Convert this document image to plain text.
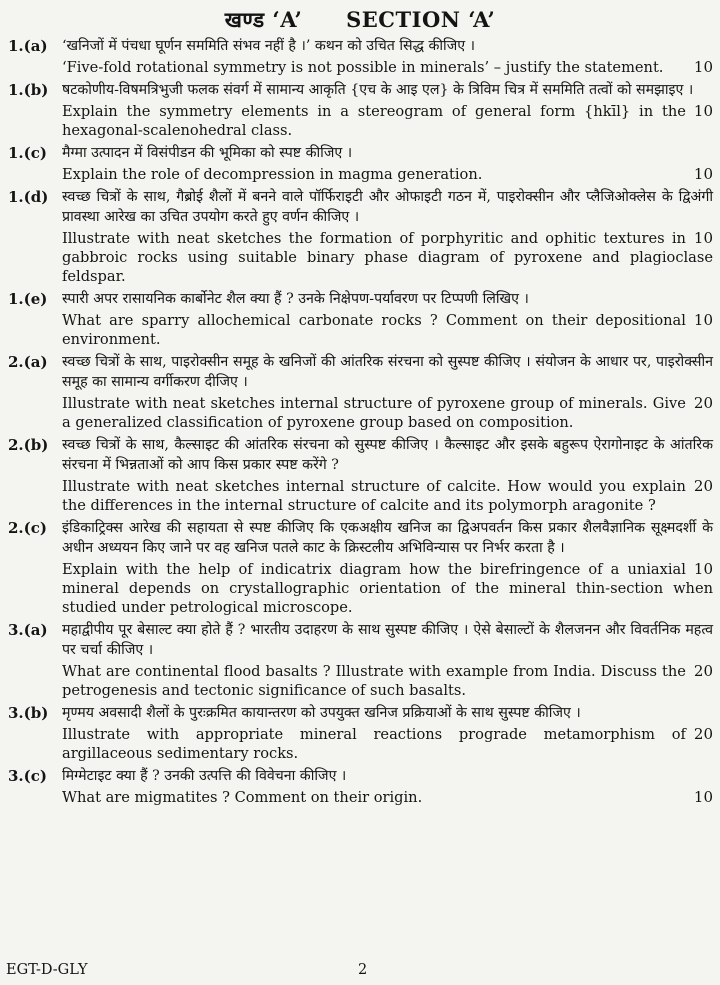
खण्ड ‘A’ SECTION ‘A’
1.(a) ‘खनिजों में पंचधा घूर्णन सममिति संभव नहीं है ।’ कथन को उचित सिद्ध कीजिए ।
10
‘Five-fold rotational symmetry is not possible in minerals’ – justify the statement.
1.(b) षटकोणीय-विषमत्रिभुजी फलक संवर्ग में सामान्य आकृति {एच के आइ एल} के त्रिविम चित्र में सममिति तत्वों को समझाइए ।
10
Explain the symmetry elements in a stereogram of general form {hkīl} in the hexagonal-scalenohedral class.
1.(c) मैग्मा उत्पादन में विसंपीडन की भूमिका को स्पष्ट कीजिए ।
10
Explain the role of decompression in magma generation.
1.(d) स्वच्छ चित्रों के साथ, गैब्रोई शैलों में बनने वाले पॉर्फिराइटी और ओफाइटी गठन में, पाइरोक्सीन और प्लैजिओक्लेस के द्विअंगी प्रावस्था आरेख का उचित उपयोग करते हुए वर्णन कीजिए ।
10
Illustrate with neat sketches the formation of porphyritic and ophitic textures in gabbroic rocks using suitable binary phase diagram of pyroxene and plagioclase feldspar.
1.(e) स्पारी अपर रासायनिक कार्बोनेट शैल क्या हैं ? उनके निक्षेपण-पर्यावरण पर टिप्पणी लिखिए ।
10
What are sparry allochemical carbonate rocks ? Comment on their depositional environment.
2.(a) स्वच्छ चित्रों के साथ, पाइरोक्सीन समूह के खनिजों की आंतरिक संरचना को सुस्पष्ट कीजिए । संयोजन के आधार पर, पाइरोक्सीन समूह का सामान्य वर्गीकरण दीजिए ।
20
Illustrate with neat sketches internal structure of pyroxene group of minerals. Give a generalized classification of pyroxene group based on composition.
2.(b) स्वच्छ चित्रों के साथ, कैल्साइट की आंतरिक संरचना को सुस्पष्ट कीजिए । कैल्साइट और इसके बहुरूप ऐरागोनाइट के आंतरिक संरचना में भिन्नताओं को आप किस प्रकार स्पष्ट करेंगे ?
20
Illustrate with neat sketches internal structure of calcite. How would you explain the differences in the internal structure of calcite and its polymorph aragonite ?
2.(c) इंडिकाट्रिक्स आरेख की सहायता से स्पष्ट कीजिए कि एकअक्षीय खनिज का द्विअपवर्तन किस प्रकार शैलवैज्ञानिक सूक्ष्मदर्शी के अधीन अध्ययन किए जाने पर वह खनिज पतले काट के क्रिस्टलीय अभिविन्यास पर निर्भर करता है ।
10
Explain with the help of indicatrix diagram how the birefringence of a uniaxial mineral depends on crystallographic orientation of the mineral thin-section when studied under petrological microscope.
3.(a) महाद्वीपीय पूर बेसाल्ट क्या होते हैं ? भारतीय उदाहरण के साथ सुस्पष्ट कीजिए । ऐसे बेसाल्टों के शैलजनन और विवर्तनिक महत्व पर चर्चा कीजिए ।
20
What are continental flood basalts ? Illustrate with example from India. Discuss the petrogenesis and tectonic significance of such basalts.
3.(b) मृण्मय अवसादी शैलों के पुरःक्रमित कायान्तरण को उपयुक्त खनिज प्रक्रियाओं के साथ सुस्पष्ट कीजिए ।
20
Illustrate with appropriate mineral reactions prograde metamorphism of argillaceous sedimentary rocks.
3.(c) मिग्मेटाइट क्या हैं ? उनकी उत्पत्ति की विवेचना कीजिए ।
10
What are migmatites ? Comment on their origin.
EGT-D-GLY	2
